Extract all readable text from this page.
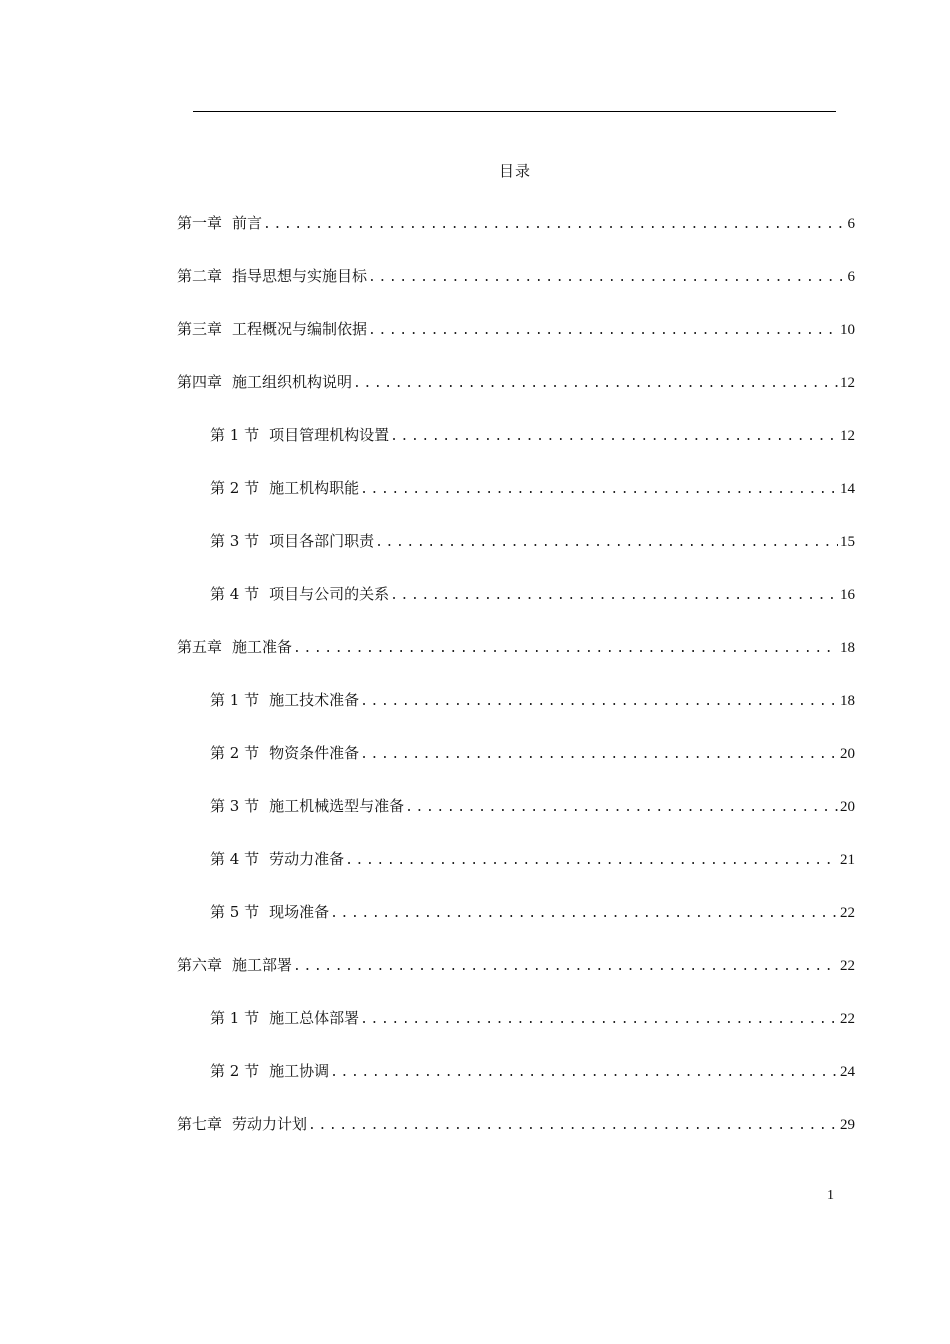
目录
第一章 前言 .....	6
第二章 指导思想与实施目标 .....	6
第三章 工程概况与编制依据 .....	10
第四章 施工组织机构说明 .....	12
第 1 节 项目管理机构设置 .....	12
第 2 节 施工机构职能 .....	14
第 3 节 项目各部门职责 .....	15
第 4 节 项目与公司的关系 .....	16
第五章 施工准备 .....	18
第 1 节 施工技术准备 .....	18
第 2 节 物资条件准备 .....	20
第 3 节 施工机械选型与准备 .....	20
第 4 节 劳动力准备 .....	21
第 5 节 现场准备 .....	22
第六章 施工部署 .....	22
第 1 节 施工总体部署 .....	22
第 2 节 施工协调 .....	24
第七章 劳动力计划 .....	29
1
